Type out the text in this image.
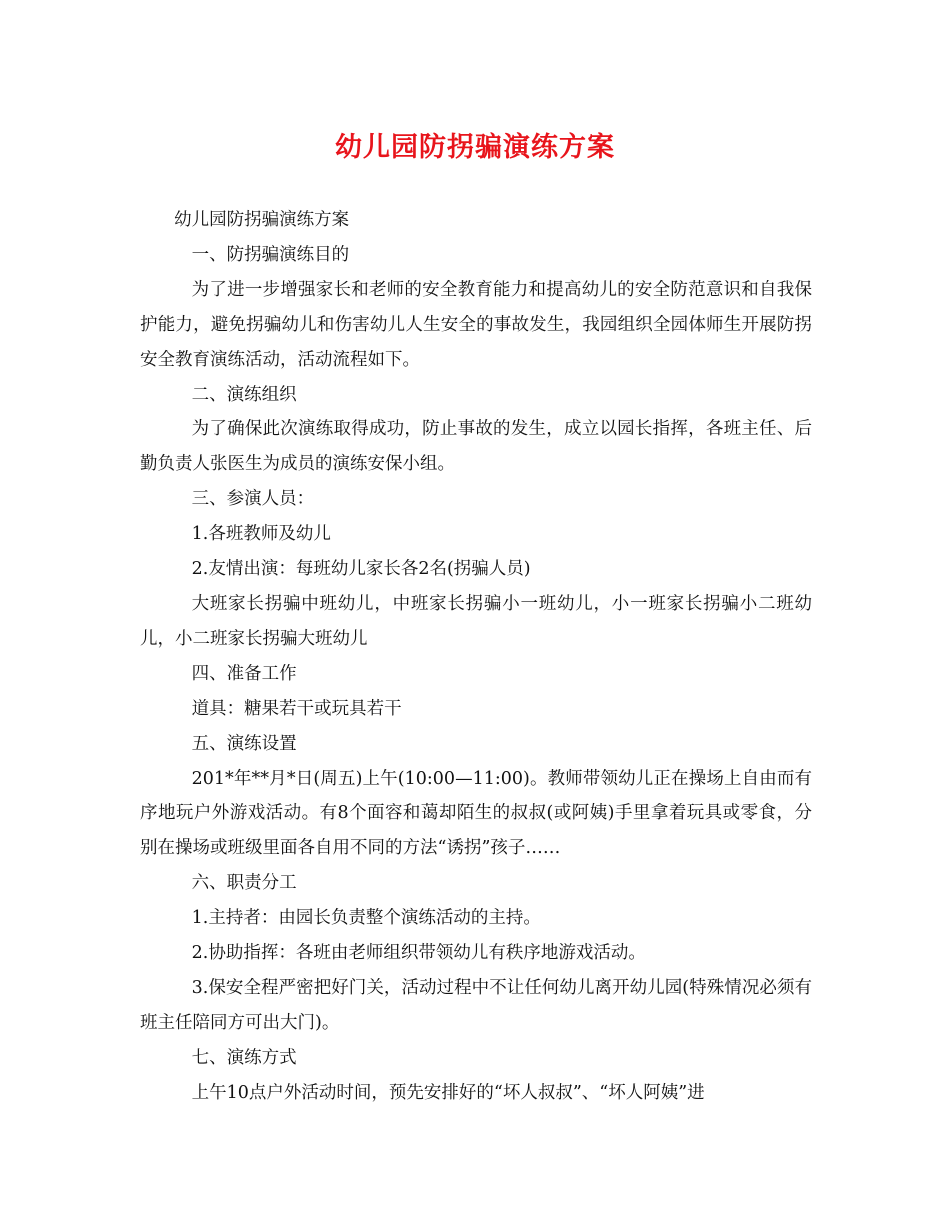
幼儿园防拐骗演练方案

幼儿园防拐骗演练方案

一、防拐骗演练目的

为了进一步增强家长和老师的安全教育能力和提高幼儿的安全防范意识和自我保护能力，避免拐骗幼儿和伤害幼儿人生安全的事故发生，我园组织全园体师生开展防拐安全教育演练活动，活动流程如下。

二、演练组织

为了确保此次演练取得成功，防止事故的发生，成立以园长指挥，各班主任、后勤负责人张医生为成员的演练安保小组。

三、参演人员：

1.各班教师及幼儿

2.友情出演：每班幼儿家长各2名(拐骗人员)

大班家长拐骗中班幼儿，中班家长拐骗小一班幼儿，小一班家长拐骗小二班幼儿，小二班家长拐骗大班幼儿

四、准备工作

道具：糖果若干或玩具若干

五、演练设置

201*年**月*日(周五)上午(10:00—11:00)。教师带领幼儿正在操场上自由而有序地玩户外游戏活动。有8个面容和蔼却陌生的叔叔(或阿姨)手里拿着玩具或零食，分别在操场或班级里面各自用不同的方法“诱拐”孩子……

六、职责分工

1.主持者：由园长负责整个演练活动的主持。

2.协助指挥：各班由老师组织带领幼儿有秩序地游戏活动。

3.保安全程严密把好门关，活动过程中不让任何幼儿离开幼儿园(特殊情况必须有班主任陪同方可出大门)。

七、演练方式

上午10点户外活动时间，预先安排好的“坏人叔叔”、“坏人阿姨”进
